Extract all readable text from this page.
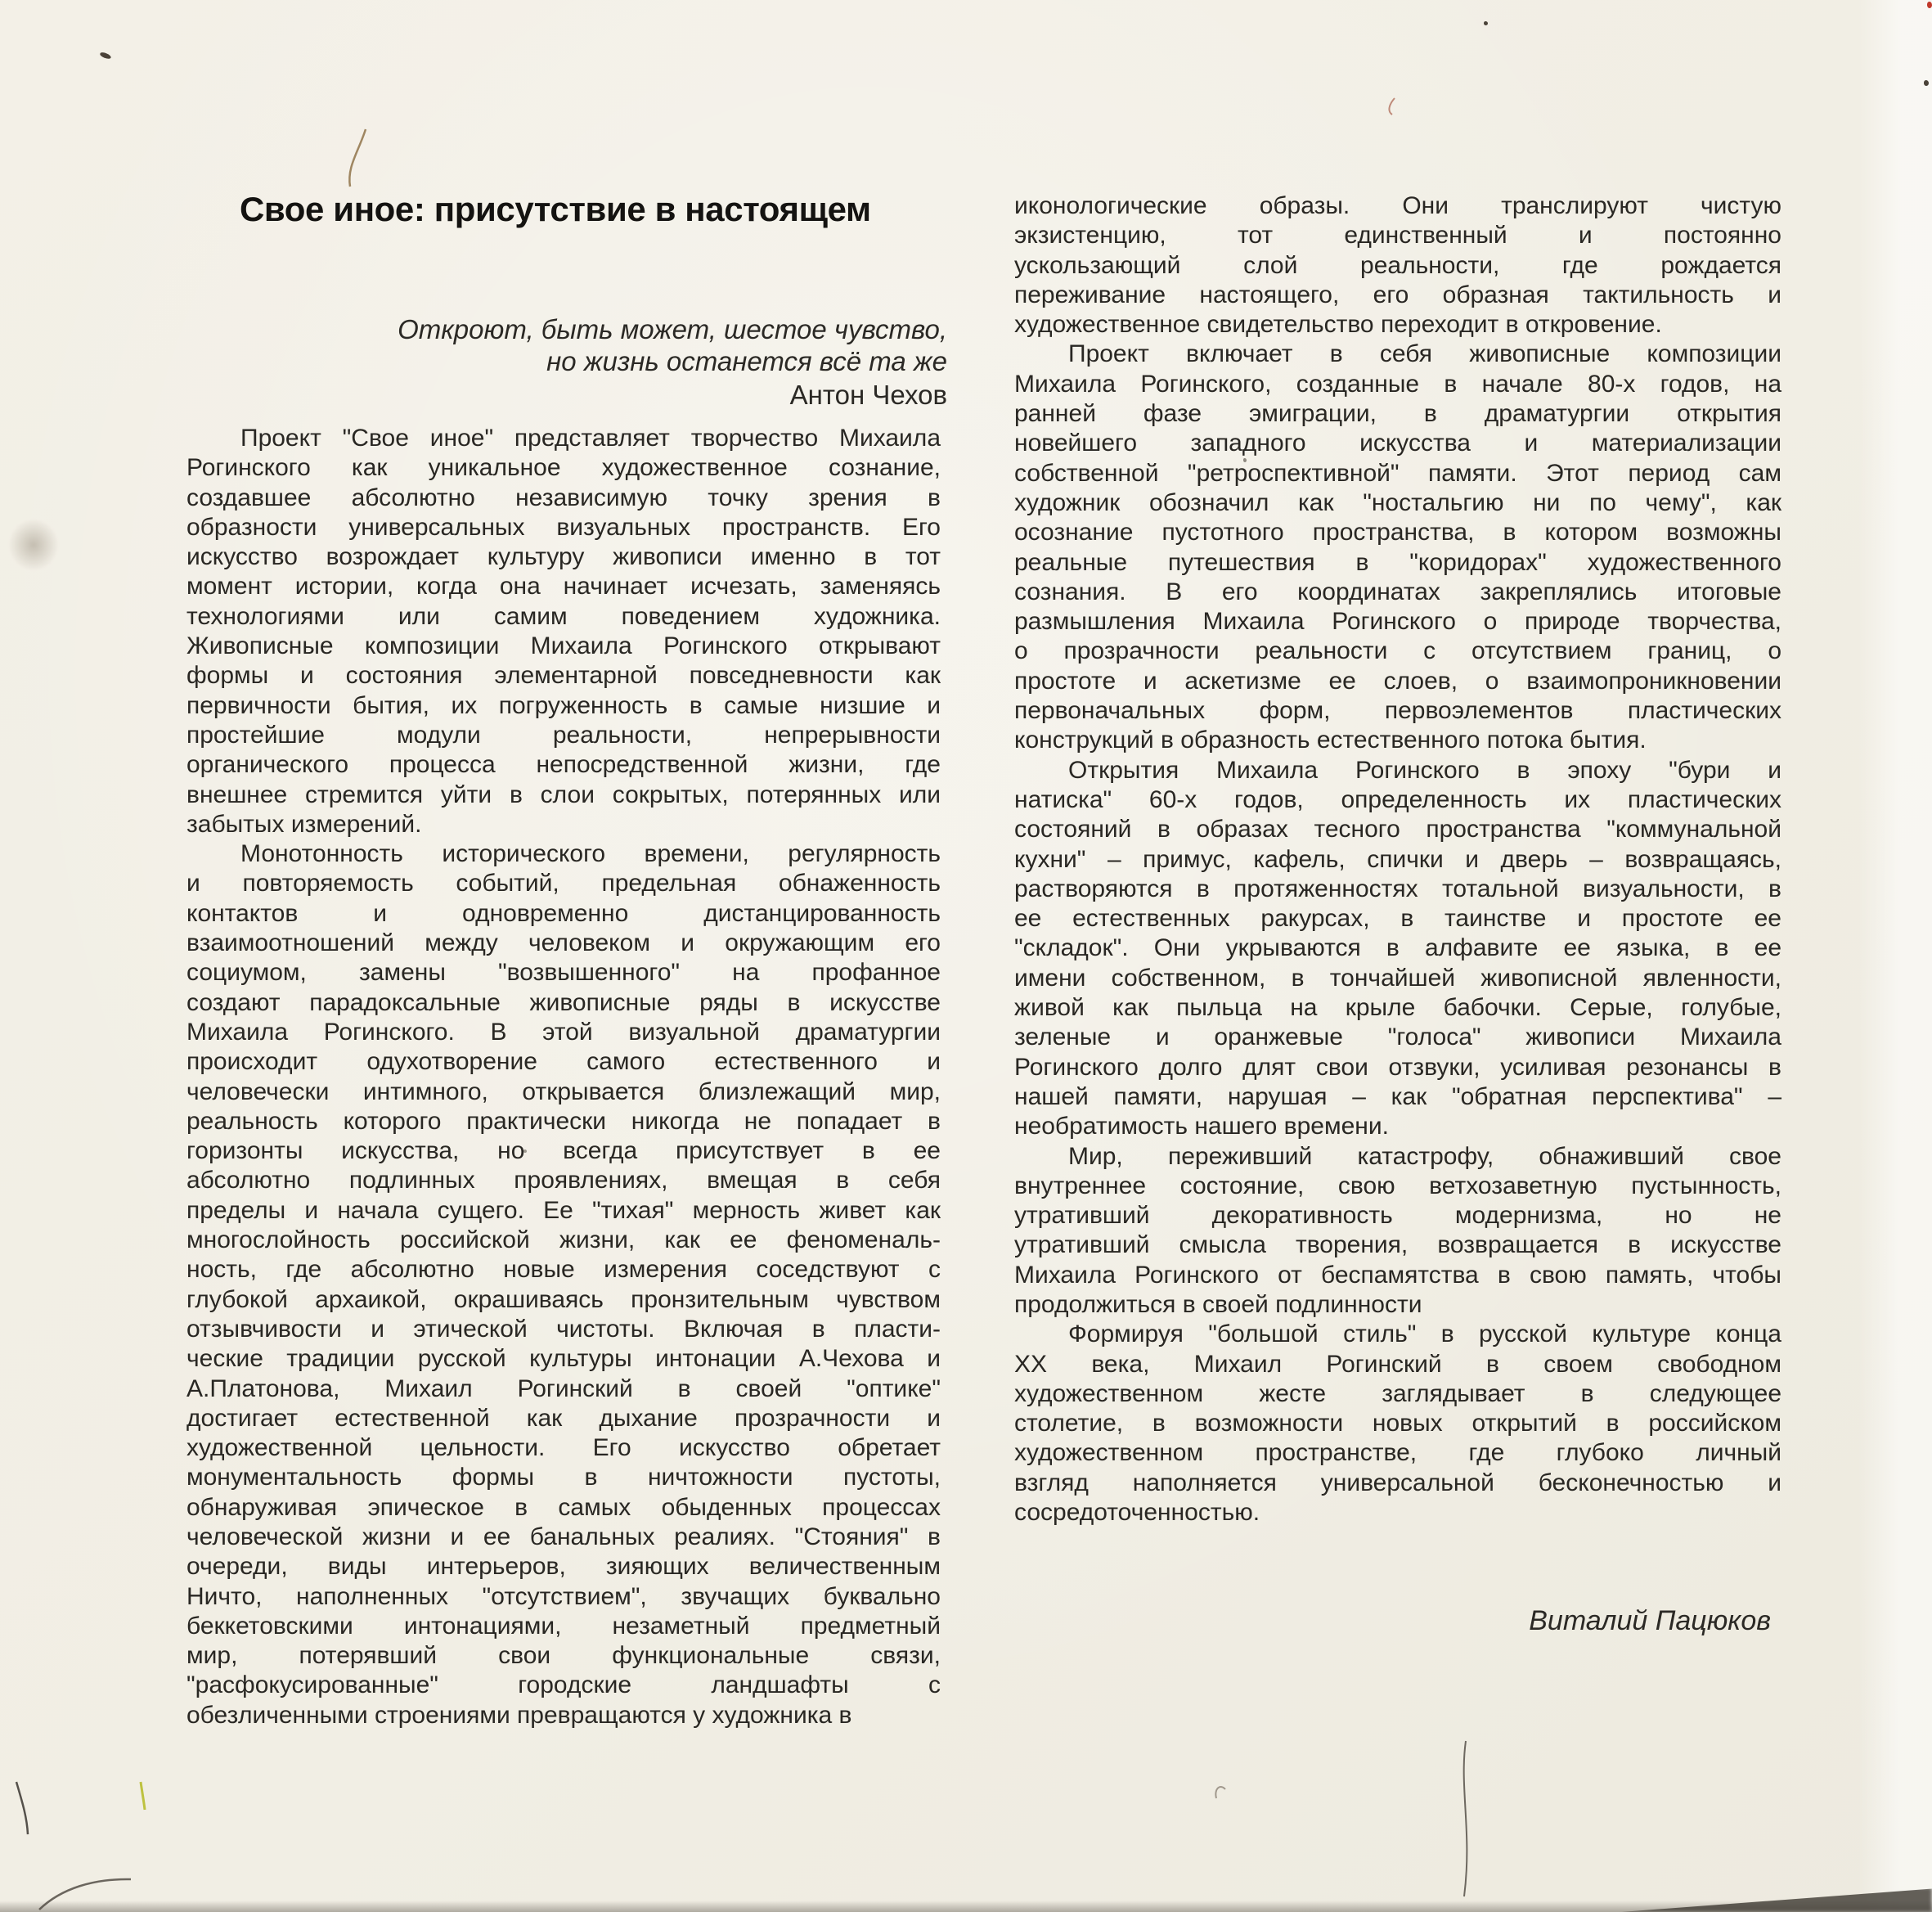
Свое иное: присутствие в настоящем
Откроют, быть может, шестое чувство,
но жизнь останется всё та же
Антон Чехов
Проект "Свое иное" представляет творчество Михаила
Рогинского как уникальное художественное сознание,
создавшее абсолютно независимую точку зрения в
образности универсальных визуальных пространств. Его
искусство возрождает культуру живописи именно в тот
момент истории, когда она начинает исчезать, заменяясь
технологиями или самим поведением художника.
Живописные композиции Михаила Рогинского открывают
формы и состояния элементарной повседневности как
первичности бытия, их погруженность в самые низшие и
простейшие модули реальности, непрерывности
органического процесса непосредственной жизни, где
внешнее стремится уйти в слои сокрытых, потерянных или
забытых измерений.
Монотонность исторического времени, регулярность
и повторяемость событий, предельная обнаженность
контактов и одновременно дистанцированность
взаимоотношений между человеком и окружающим его
социумом, замены "возвышенного" на профанное
создают парадоксальные живописные ряды в искусстве
Михаила Рогинского. В этой визуальной драматургии
происходит одухотворение самого естественного и
человечески интимного, открывается близлежащий мир,
реальность которого практически никогда не попадает в
горизонты искусства, но всегда присутствует в ее
абсолютно подлинных проявлениях, вмещая в себя
пределы и начала сущего. Ее "тихая" мерность живет как
многослойность российской жизни, как ее феноменаль-
ность, где абсолютно новые измерения соседствуют с
глубокой архаикой, окрашиваясь пронзительным чувством
отзывчивости и этической чистоты. Включая в пласти-
ческие традиции русской культуры интонации А.Чехова и
А.Платонова, Михаил Рогинский в своей "оптике"
достигает естественной как дыхание прозрачности и
художественной цельности. Его искусство обретает
монументальность формы в ничтожности пустоты,
обнаруживая эпическое в самых обыденных процессах
человеческой жизни и ее банальных реалиях. "Стояния" в
очереди, виды интерьеров, зияющих величественным
Ничто, наполненных "отсутствием", звучащих буквально
беккетовскими интонациями, незаметный предметный
мир, потерявший свои функциональные связи,
"расфокусированные" городские ландшафты с
обезличенными строениями превращаются у художника в
иконологические образы. Они транслируют чистую
экзистенцию, тот единственный и постоянно
ускользающий слой реальности, где рождается
переживание настоящего, его образная тактильность и
художественное свидетельство переходит в откровение.
Проект включает в себя живописные композиции
Михаила Рогинского, созданные в начале 80-х годов, на
ранней фазе эмиграции, в драматургии открытия
новейшего западного искусства и материализации
собственной "ретроспективной" памяти. Этот период сам
художник обозначил как "ностальгию ни по чему", как
осознание пустотного пространства, в котором возможны
реальные путешествия в "коридорах" художественного
сознания. В его координатах закреплялись итоговые
размышления Михаила Рогинского о природе творчества,
о прозрачности реальности с отсутствием границ, о
простоте и аскетизме ее слоев, о взаимопроникновении
первоначальных форм, первоэлементов пластических
конструкций в образность естественного потока бытия.
Открытия Михаила Рогинского в эпоху "бури и
натиска" 60-х годов, определенность их пластических
состояний в образах тесного пространства "коммунальной
кухни" – примус, кафель, спички и дверь – возвращаясь,
растворяются в протяженностях тотальной визуальности, в
ее естественных ракурсах, в таинстве и простоте ее
"складок". Они укрываются в алфавите ее языка, в ее
имени собственном, в тончайшей живописной явленности,
живой как пыльца на крыле бабочки. Серые, голубые,
зеленые и оранжевые "голоса" живописи Михаила
Рогинского долго длят свои отзвуки, усиливая резонансы в
нашей памяти, нарушая – как "обратная перспектива" –
необратимость нашего времени.
Мир, переживший катастрофу, обнаживший свое
внутреннее состояние, свою ветхозаветную пустынность,
утративший декоративность модернизма, но не
утративший смысла творения, возвращается в искусстве
Михаила Рогинского от беспамятства в свою память, чтобы
продолжиться в своей подлинности
Формируя "большой стиль" в русской культуре конца
ХХ века, Михаил Рогинский в своем свободном
художественном жесте заглядывает в следующее
столетие, в возможности новых открытий в российском
художественном пространстве, где глубоко личный
взгляд наполняется универсальной бесконечностью и
сосредоточенностью.
Виталий Пацюков
